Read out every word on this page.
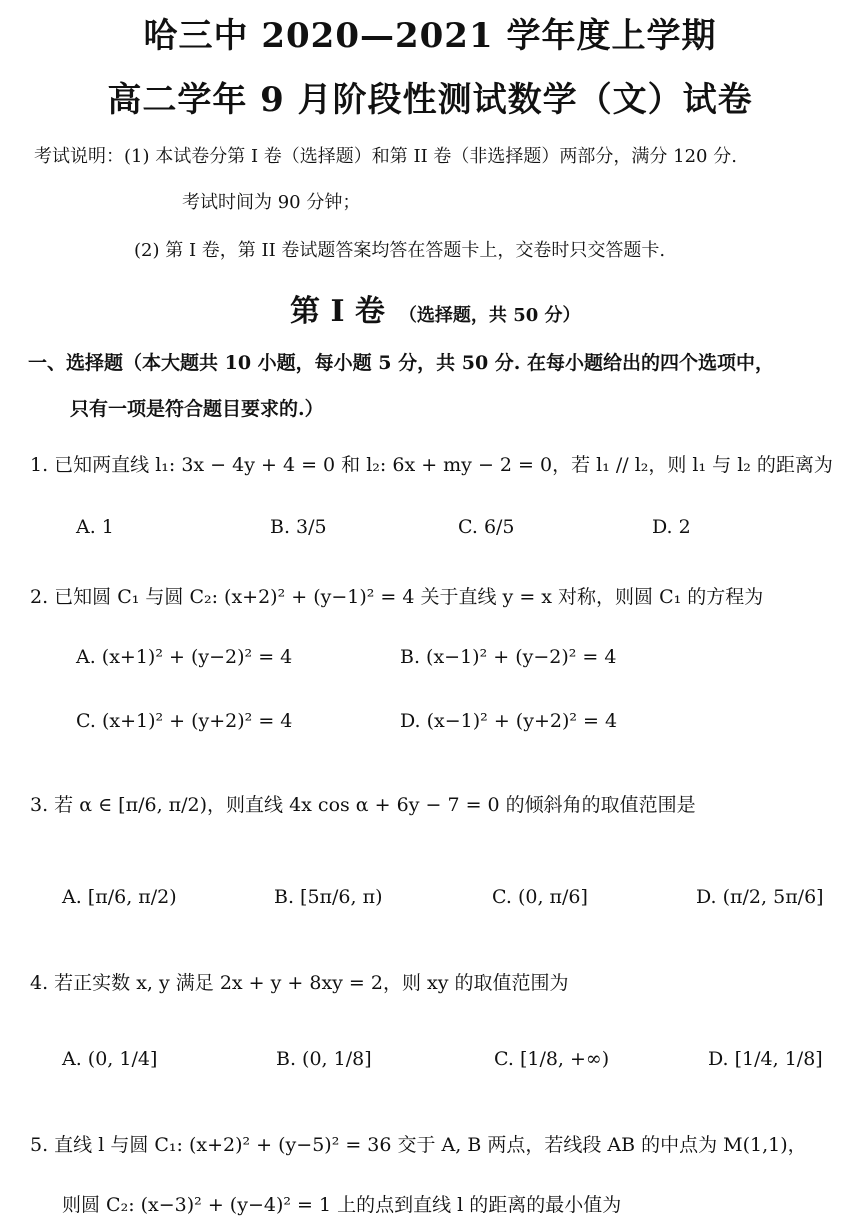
哈三中 2020—2021 学年度上学期
高二学年 9 月阶段性测试数学（文）试卷
考试说明：(1) 本试卷分第 I 卷（选择题）和第 II 卷（非选择题）两部分，满分 120 分.
考试时间为 90 分钟；
(2) 第 I 卷，第 II 卷试题答案均答在答题卡上，交卷时只交答题卡.
第 I 卷 （选择题，共 50 分）
一、选择题（本大题共 10 小题，每小题 5 分，共 50 分. 在每小题给出的四个选项中，
只有一项是符合题目要求的.）
1. 已知两直线 l₁: 3x − 4y + 4 = 0 和 l₂: 6x + my − 2 = 0，若 l₁ // l₂，则 l₁ 与 l₂ 的距离为
A. 1	B. 3/5	C. 6/5	D. 2
2. 已知圆 C₁ 与圆 C₂: (x+2)² + (y−1)² = 4 关于直线 y = x 对称，则圆 C₁ 的方程为
A. (x+1)² + (y−2)² = 4	B. (x−1)² + (y−2)² = 4
C. (x+1)² + (y+2)² = 4	D. (x−1)² + (y+2)² = 4
3. 若 α ∈ [π/6, π/2)，则直线 4x cos α + 6y − 7 = 0 的倾斜角的取值范围是
A. [π/6, π/2)	B. [5π/6, π)	C. (0, π/6]	D. (π/2, 5π/6]
4. 若正实数 x, y 满足 2x + y + 8xy = 2，则 xy 的取值范围为
A. (0, 1/4]	B. (0, 1/8]	C. [1/8, +∞)	D. [1/4, 1/8]
5. 直线 l 与圆 C₁: (x+2)² + (y−5)² = 36 交于 A, B 两点，若线段 AB 的中点为 M(1,1)，
则圆 C₂: (x−3)² + (y−4)² = 1 上的点到直线 l 的距离的最小值为
